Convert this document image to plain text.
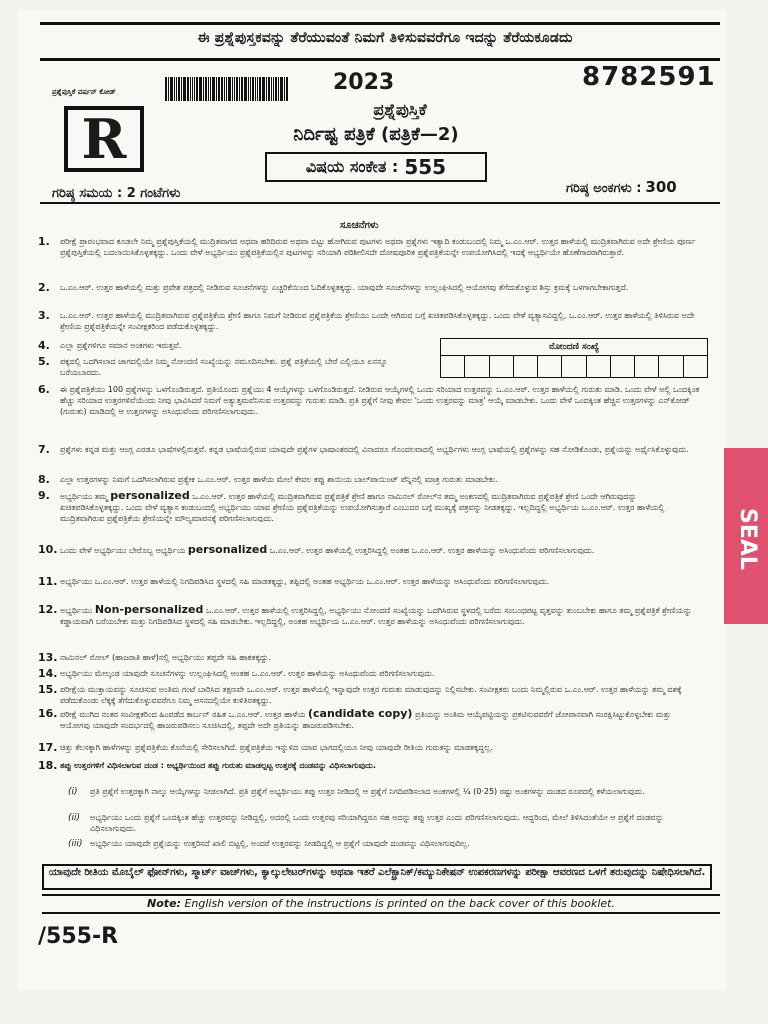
ಈ ಪ್ರಶ್ನೆಪುಸ್ತಕವನ್ನು ತೆರೆಯುವಂತೆ ನಿಮಗೆ ತಿಳಿಸುವವರೆಗೂ ಇದನ್ನು ತೆರೆಯಕೂಡದು
ಪ್ರಶ್ನೆಪುಸ್ತಿಕೆ ವರ್ಷನ್ ಕೋಡ್
R
2023	8782591
ಪ್ರಶ್ನೆಪುಸ್ತಿಕೆ
ನಿರ್ದಿಷ್ಟ ಪತ್ರಿಕೆ (ಪತ್ರಿಕೆ—2)
ವಿಷಯ ಸಂಕೇತ : 555
ಗರಿಷ್ಠ ಸಮಯ : 2 ಗಂಟೆಗಳು	ಗರಿಷ್ಠ ಅಂಕಗಳು : 300
ಸೂಚನೆಗಳು
ನೋಂದಣಿ ಸಂಖ್ಯೆ
1. ಪರೀಕ್ಷೆ ಪ್ರಾರಂಭವಾದ ಕೂಡಲೇ ನಿಮ್ಮ ಪ್ರಶ್ನೆಪುಸ್ತಿಕೆಯಲ್ಲಿ ಮುದ್ರಿತವಾಗದ ಅಥವಾ ಹರಿದಿರುವ ಅಥವಾ ಬಿಟ್ಟು ಹೋಗಿರುವ ಪುಟಗಳು ಅಥವಾ ಪ್ರಶ್ನೆಗಳು ಇತ್ಯಾದಿ ಕಂಡುಬಂದಲ್ಲಿ ನಿಮ್ಮ ಒ.ಎಂ.ಆರ್. ಉತ್ತರ ಹಾಳೆಯಲ್ಲಿ ಮುದ್ರಿತವಾಗಿರುವ ಅದೇ ಶ್ರೇಣಿಯ ಪೂರ್ಣ ಪ್ರಶ್ನೆಪುಸ್ತಿಕೆಯಲ್ಲಿ ಬದಲಾಯಿಸಿಕೊಳ್ಳತಕ್ಕದ್ದು. ಒಂದು ವೇಳೆ ಅಭ್ಯರ್ಥಿಯು ಪ್ರಶ್ನೆಪತ್ರಿಕೆಯಲ್ಲಿನ ಪುಟಗಳನ್ನು ಸರಿಯಾಗಿ ಪರಿಶೀಲಿಸದೇ ದೋಷಪೂರಿತ ಪ್ರಶ್ನೆಪತ್ರಿಕೆಯನ್ನೇ ಉಪಯೋಗಿಸಿದಲ್ಲಿ ಇದಕ್ಕೆ ಅಭ್ಯರ್ಥಿಯೇ ಹೊಣೆಗಾರರಾಗಿರುತ್ತಾರೆ.
2. ಒ.ಎಂ.ಆರ್. ಉತ್ತರ ಹಾಳೆಯಲ್ಲಿ ಮತ್ತು ಪ್ರವೇಶ ಪತ್ರದಲ್ಲಿ ನೀಡಿರುವ ಸೂಚನೆಗಳನ್ನು ಎಚ್ಚರಿಕೆಯಿಂದ ಓದಿಕೊಳ್ಳತಕ್ಕದ್ದು. ಯಾವುದೇ ಸೂಚನೆಗಳನ್ನು ಉಲ್ಲಂಘಿಸಿದಲ್ಲಿ ಆಯೋಗವು ತೆಗೆದುಕೊಳ್ಳುವ ಶಿಸ್ತು ಕ್ರಮಕ್ಕೆ ಒಳಗಾಗಬೇಕಾಗುತ್ತದೆ.
3. ಒ.ಎಂ.ಆರ್. ಉತ್ತರ ಹಾಳೆಯಲ್ಲಿ ಮುದ್ರಿತವಾಗಿರುವ ಪ್ರಶ್ನೆಪತ್ರಿಕೆಯ ಶ್ರೇಣಿ ಹಾಗೂ ನಿಮಗೆ ನೀಡಿರುವ ಪ್ರಶ್ನೆಪತ್ರಿಕೆಯ ಶ್ರೇಣಿಯು ಒಂದೇ ಆಗಿರುವ ಬಗ್ಗೆ ಖಚಿತಪಡಿಸಿಕೊಳ್ಳತಕ್ಕದ್ದು. ಒಂದು ವೇಳೆ ವ್ಯತ್ಯಾಸವಿದ್ದಲ್ಲಿ, ಒ.ಎಂ.ಆರ್. ಉತ್ತರ ಹಾಳೆಯಲ್ಲಿ ತಿಳಿಸಿರುವ ಅದೇ ಶ್ರೇಣಿಯ ಪ್ರಶ್ನೆಪತ್ರಿಕೆಯನ್ನೇ ಸಂವೀಕ್ಷಕರಿಂದ ಪಡೆದುಕೊಳ್ಳತಕ್ಕದ್ದು.
4. ಎಲ್ಲಾ ಪ್ರಶ್ನೆಗಳಿಗೂ ಸಮಾನ ಅಂಕಗಳು ಇರುತ್ತವೆ.
5. ಪಕ್ಕದಲ್ಲಿ ಒದಗಿಸಲಾದ ಜಾಗದಲ್ಲಿಯೇ ನಿಮ್ಮ ನೋಂದಣಿ ಸಂಖ್ಯೆಯನ್ನು ನಮೂದಿಸಬೇಕು. ಪ್ರಶ್ನೆ ಪತ್ರಿಕೆಯಲ್ಲಿ ಬೇರೆ ಎಲ್ಲಿಯೂ ಏನನ್ನೂ ಬರೆಯಬಾರದು.
6. ಈ ಪ್ರಶ್ನೆಪತ್ರಿಕೆಯು 100 ಪ್ರಶ್ನೆಗಳನ್ನು ಒಳಗೊಂಡಿರುತ್ತದೆ. ಪ್ರತಿಯೊಂದು ಪ್ರಶ್ನೆಯು 4 ಆಯ್ಕೆಗಳನ್ನು ಒಳಗೊಂಡಿರುತ್ತದೆ. ನೀಡಿರುವ ಆಯ್ಕೆಗಳಲ್ಲಿ ಒಂದು ಸರಿಯಾದ ಉತ್ತರವನ್ನು ಒ.ಎಂ.ಆರ್. ಉತ್ತರ ಹಾಳೆಯಲ್ಲಿ ಗುರುತು ಮಾಡಿ. ಒಂದು ವೇಳೆ ಅಲ್ಲಿ ಒಂದಕ್ಕಿಂತ ಹೆಚ್ಚು ಸರಿಯಾದ ಉತ್ತರಗಳಿವೆಯೆಂದು ನೀವು ಭಾವಿಸಿದರೆ ನಿಮಗೆ ಅತ್ಯುತ್ತಮವೆನಿಸುವ ಉತ್ತರವನ್ನು ಗುರುತು ಮಾಡಿ. ಪ್ರತಿ ಪ್ರಶ್ನೆಗೆ ನೀವು ಕೇವಲ 'ಒಂದು ಉತ್ತರವನ್ನು ಮಾತ್ರ' ಆಯ್ಕೆ ಮಾಡಬೇಕು. ಒಂದು ವೇಳೆ ಒಂದಕ್ಕಿಂತ ಹೆಚ್ಚಿನ ಉತ್ತರಗಳನ್ನು ಎನ್‌ಕೋಡ್ (ಗುರುತು) ಮಾಡಿದಲ್ಲಿ ಆ ಉತ್ತರಗಳನ್ನು ಅಸಿಂಧುವೆಂದು ಪರಿಗಣಿಸಲಾಗುವುದು.
7. ಪ್ರಶ್ನೆಗಳು ಕನ್ನಡ ಮತ್ತು ಆಂಗ್ಲ ಎರಡೂ ಭಾಷೆಗಳಲ್ಲಿರುತ್ತವೆ. ಕನ್ನಡ ಭಾಷೆಯಲ್ಲಿರುವ ಯಾವುದೇ ಪ್ರಶ್ನೆಗಳ ಭಾಷಾಂತರದಲ್ಲಿ ವಿನಾದರೂ ಗೊಂದಲವಾದಲ್ಲಿ ಅಭ್ಯರ್ಥಿಗಳು ಆಂಗ್ಲ ಭಾಷೆಯಲ್ಲಿ ಪ್ರಶ್ನೆಗಳನ್ನು ಸಹ ನೋಡಿಕೊಂಡು, ಪ್ರಶ್ನೆಯನ್ನು ಅರ್ಥೈಸಿಕೊಳ್ಳುವುದು.
8. ಎಲ್ಲಾ ಉತ್ತರಗಳನ್ನು ನಿಮಗೆ ಒದಗಿಸಲಾಗಿರುವ ಪ್ರತ್ಯೇಕ ಒ.ಎಂ.ಆರ್. ಉತ್ತರ ಹಾಳೆಯ ಮೇಲೆ ಕೇವಲ ಕಪ್ಪು ಶಾಯಿಯ ಬಾಲ್‌ಪಾಯಿಂಟ್ ಪೆನ್ನಿನಲ್ಲಿ ಮಾತ್ರ ಗುರುತು ಮಾಡಬೇಕು.
9. ಅಭ್ಯರ್ಥಿಯು ತಮ್ಮ personalized ಒ.ಎಂ.ಆರ್. ಉತ್ತರ ಹಾಳೆಯಲ್ಲಿ ಮುದ್ರಿತವಾಗಿರುವ ಪ್ರಶ್ನೆಪತ್ರಿಕೆ ಶ್ರೇಣಿ ಹಾಗೂ ನಾಮಿನಲ್ ರೋಲ್‌ನ ತಮ್ಮ ಅಂಕಣದಲ್ಲಿ ಮುದ್ರಿತವಾಗಿರುವ ಪ್ರಶ್ನೆಪತ್ರಿಕೆ ಶ್ರೇಣಿ ಒಂದೇ ಆಗಿರುವುದನ್ನು ಖಚಿತಪಡಿಸಿಕೊಳ್ಳತಕ್ಕದ್ದು. ಒಂದು ವೇಳೆ ವ್ಯತ್ಯಾಸ ಕಂಡುಬಂದಲ್ಲಿ ಅಭ್ಯರ್ಥಿಯು ಯಾವ ಶ್ರೇಣಿಯ ಪ್ರಶ್ನೆಪತ್ರಿಕೆಯನ್ನು ಉಪಯೋಗಿಸುತ್ತಾರೆ ಎಂಬುದರ ಬಗ್ಗೆ ಮುಖ್ಯಕ್ಕೆ ಪತ್ರವನ್ನು ನೀಡತಕ್ಕದ್ದು. ಇಲ್ಲದಿದ್ದಲ್ಲಿ ಅಭ್ಯರ್ಥಿಯ ಒ.ಎಂ.ಆರ್. ಉತ್ತರ ಹಾಳೆಯಲ್ಲಿ ಮುದ್ರಿತವಾಗಿರುವ ಪ್ರಶ್ನೆಪತ್ರಿಕೆಯ ಶ್ರೇಣಿಯನ್ನೇ ಮೌಲ್ಯಮಾಪನಕ್ಕೆ ಪರಿಗಣಿಸಲಾಗುವುದು.
10. ಒಂದು ವೇಳೆ ಅಭ್ಯರ್ಥಿಯು ಬೇರೊಬ್ಬ ಅಭ್ಯರ್ಥಿಯ personalized ಒ.ಎಂ.ಆರ್. ಉತ್ತರ ಹಾಳೆಯಲ್ಲಿ ಉತ್ತರಿಸಿದ್ದಲ್ಲಿ ಅಂತಹ ಒ.ಎಂ.ಆರ್. ಉತ್ತರ ಹಾಳೆಯನ್ನು ಅಸಿಂಧುವೆಂದು ಪರಿಗಣಿಸಲಾಗುವುದು.
11. ಅಭ್ಯರ್ಥಿಯು ಒ.ಎಂ.ಆರ್. ಉತ್ತರ ಹಾಳೆಯಲ್ಲಿ ನಿಗದಿಪಡಿಸಿದ ಸ್ಥಳದಲ್ಲಿ ಸಹಿ ಮಾಡತಕ್ಕದ್ದು, ತಪ್ಪಿದಲ್ಲಿ ಅಂತಹ ಅಭ್ಯರ್ಥಿಯ ಒ.ಎಂ.ಆರ್. ಉತ್ತರ ಹಾಳೆಯನ್ನು ಅಸಿಂಧುವೆಂದು ಪರಿಗಣಿಸಲಾಗುವುದು.
12. ಅಭ್ಯರ್ಥಿಯು Non-personalized ಒ.ಎಂ.ಆರ್. ಉತ್ತರ ಹಾಳೆಯಲ್ಲಿ ಉತ್ತರಿಸಿದ್ದಲ್ಲಿ, ಅಭ್ಯರ್ಥಿಯು ನೋಂದಣಿ ಸಂಖ್ಯೆಯನ್ನು ಒದಗಿಸಿರುವ ಸ್ಥಳದಲ್ಲಿ ಬರೆದು ಸಂಬಂಧಪಟ್ಟ ವೃತ್ತವನ್ನು ತುಂಬಬೇಕು ಹಾಗೂ ತಮ್ಮ ಪ್ರಶ್ನೆಪತ್ರಿಕೆ ಶ್ರೇಣಿಯನ್ನು ಕಡ್ಡಾಯವಾಗಿ ಬರೆಯಬೇಕು ಮತ್ತು ನಿಗದಿಪಡಿಸಿದ ಸ್ಥಳದಲ್ಲಿ ಸಹಿ ಮಾಡಬೇಕು. ಇಲ್ಲದಿದ್ದಲ್ಲಿ, ಅಂತಹ ಅಭ್ಯರ್ಥಿಯ ಒ.ಎಂ.ಆರ್. ಉತ್ತರ ಹಾಳೆಯನ್ನು ಅಸಿಂಧುವೆಂದು ಪರಿಗಣಿಸಲಾಗುವುದು.
13. ನಾಮಿನಲ್ ರೋಲ್ (ಹಾಜರಾತಿ ಹಾಳೆ)ನಲ್ಲಿ ಅಭ್ಯರ್ಥಿಯು ತಪ್ಪದೇ ಸಹಿ ಹಾಕತಕ್ಕದ್ದು.
14. ಅಭ್ಯರ್ಥಿಯು ಮೇಲ್ಕಂಡ ಯಾವುದೇ ಸೂಚನೆಗಳನ್ನು ಉಲ್ಲಂಘಿಸಿದಲ್ಲಿ ಅಂತಹ ಒ.ಎಂ.ಆರ್. ಉತ್ತರ ಹಾಳೆಯನ್ನು ಅಸಿಂಧುವೆಂದು ಪರಿಗಣಿಸಲಾಗುವುದು.
15. ಪರೀಕ್ಷೆಯ ಮುಕ್ತಾಯವನ್ನು ಸೂಚಿಸುವ ಅಂತಿಮ ಗಂಟೆ ಬಾರಿಸಿದ ತಕ್ಷಣವೇ ಒ.ಎಂ.ಆರ್. ಉತ್ತರ ಹಾಳೆಯಲ್ಲಿ ಇನ್ನಾವುದೇ ಉತ್ತರ ಗುರುತು ಮಾಡುವುದನ್ನು ನಿಲ್ಲಿಸಬೇಕು. ಸಂವೀಕ್ಷಕರು ಬಂದು ನಿಮ್ಮಲ್ಲಿರುವ ಒ.ಎಂ.ಆರ್. ಉತ್ತರ ಹಾಳೆಯನ್ನು ತಮ್ಮ ವಶಕ್ಕೆ ಪಡೆದುಕೊಂಡು ಲೆಕ್ಕಕ್ಕೆ ತೆಗೆದುಕೊಳ್ಳುವವರೆಗೂ ನಿಮ್ಮ ಆಸನದಲ್ಲಿಯೇ ಕುಳಿತಿರತಕ್ಕದ್ದು.
16. ಪರೀಕ್ಷೆ ಮುಗಿದ ನಂತರ ಸಂವೀಕ್ಷಕರಿಂದ ಹಿಂಪಡೆದ ಕಾರ್ಬನ್ ರಹಿತ ಒ.ಎಂ.ಆರ್. ಉತ್ತರ ಹಾಳೆಯ (candidate copy) ಪ್ರತಿಯನ್ನು ಅಂತಿಮ ಆಯ್ಕೆಪಟ್ಟಿಯನ್ನು ಪ್ರಕಟಿಸುವವರೆಗೆ ಜೋಪಾನವಾಗಿ ಸಂರಕ್ಷಿಸಿಟ್ಟುಕೊಳ್ಳಬೇಕು ಮತ್ತು ಆಯೋಗವು ಯಾವುದೇ ಸಂದರ್ಭದಲ್ಲಿ ಹಾಜರುಪಡಿಸಲು ಸೂಚಿಸಿದಲ್ಲಿ, ತಪ್ಪದೇ ಅದೇ ಪ್ರತಿಯನ್ನು ಹಾಜರುಪಡಿಸಬೇಕು.
17. ಚಿತ್ತು ಕೆಲಸಕ್ಕಾಗಿ ಹಾಳೆಗಳನ್ನು ಪ್ರಶ್ನೆಪತ್ರಿಕೆಯ ಕೊನೆಯಲ್ಲಿ ಸೇರಿಸಲಾಗಿದೆ. ಪ್ರಶ್ನೆಪತ್ರಿಕೆಯ ಇನ್ನುಳಿದ ಯಾವ ಭಾಗದಲ್ಲಿಯೂ ನೀವು ಯಾವುದೇ ರೀತಿಯ ಗುರುತನ್ನು ಮಾಡತಕ್ಕದ್ದಲ್ಲ.
18. ತಪ್ಪು ಉತ್ತರಗಳಿಗೆ ವಿಧಿಸಲಾಗುವ ದಂಡ : ಅಭ್ಯರ್ಥಿಯಿಂದ ತಪ್ಪು ಗುರುತು ಮಾಡಲ್ಪಟ್ಟ ಉತ್ತರಕ್ಕೆ ದಂಡವನ್ನು ವಿಧಿಸಲಾಗುವುದು.
(i) ಪ್ರತಿ ಪ್ರಶ್ನೆಗೆ ಉತ್ತರಕ್ಕಾಗಿ ನಾಲ್ಕು ಆಯ್ಕೆಗಳನ್ನು ನೀಡಲಾಗಿದೆ. ಪ್ರತಿ ಪ್ರಶ್ನೆಗೆ ಅಭ್ಯರ್ಥಿಯು ತಪ್ಪು ಉತ್ತರ ನೀಡಿದಲ್ಲಿ ಆ ಪ್ರಶ್ನೆಗೆ ನಿಗದಿಪಡಿಸಲಾದ ಅಂಕಗಳಲ್ಲಿ ¼ (0·25) ರಷ್ಟು ಅಂಕಗಳನ್ನು ದಂಡದ ರೂಪದಲ್ಲಿ ಕಳೆಯಲಾಗುವುದು.
(ii) ಅಭ್ಯರ್ಥಿಯು ಒಂದು ಪ್ರಶ್ನೆಗೆ ಒಂದಕ್ಕಿಂತ ಹೆಚ್ಚು ಉತ್ತರವನ್ನು ನೀಡಿದ್ದಲ್ಲಿ, ಅದರಲ್ಲಿ ಒಂದು ಉತ್ತರವು ಸರಿಯಾಗಿದ್ದರೂ ಸಹ ಅದನ್ನು ತಪ್ಪು ಉತ್ತರ ಎಂದು ಪರಿಗಣಿಸಲಾಗುವುದು. ಆದ್ದರಿಂದ, ಮೇಲೆ ತಿಳಿಸಿದಂತೆಯೇ ಆ ಪ್ರಶ್ನೆಗೆ ದಂಡವನ್ನು ವಿಧಿಸಲಾಗುವುದು.
(iii) ಅಭ್ಯರ್ಥಿಯು ಯಾವುದೇ ಪ್ರಶ್ನೆಯನ್ನು ಉತ್ತರಿಸದೆ ಖಾಲಿ ಬಿಟ್ಟಲ್ಲಿ, ಅಂದರೆ ಉತ್ತರವನ್ನು ನೀಡದಿದ್ದಲ್ಲಿ ಆ ಪ್ರಶ್ನೆಗೆ ಯಾವುದೇ ದಂಡವನ್ನು ವಿಧಿಸಲಾಗುವುದಿಲ್ಲ.
ಯಾವುದೇ ರೀತಿಯ ಮೊಬೈಲ್ ಫೋನ್‌ಗಳು, ಸ್ಮಾರ್ಟ್ ವಾಚ್‌ಗಳು, ಕ್ಯಾಲ್ಕುಲೇಟರ್‌ಗಳನ್ನು ಅಥವಾ ಇತರೆ ಎಲೆಕ್ಟ್ರಾನಿಕ್/ಕಮ್ಯುನಿಕೇಷನ್ ಉಪಕರಣಗಳನ್ನು ಪರೀಕ್ಷಾ ಆವರಣದ ಒಳಗೆ ತರುವುದನ್ನು ನಿಷೇಧಿಸಲಾಗಿದೆ.
Note: English version of the instructions is printed on the back cover of this booklet.
/555-R
SEAL
